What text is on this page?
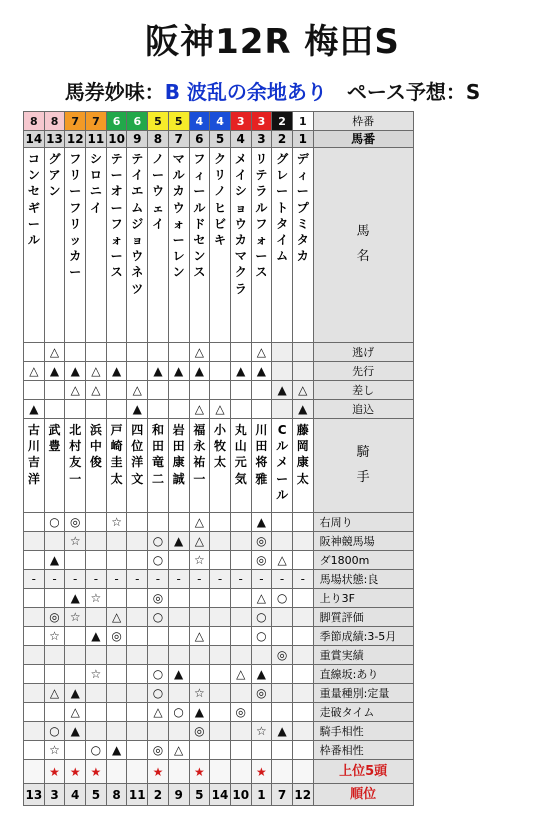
阪神12R 梅田S
馬券妙味：B 波乱の余地あり　 ペース予想：S
8	8	7	7	6	6	5	5	4	4	3	3	2	1	枠番
14	13	12	11	10	9	8	7	6	5	4	3	2	1	馬番
コンセギール	グアン	フリーフリッカー	シロニイ	テーオーフォース	テイエムジョウネツ	ノーウェイ	マルカウォーレン	フィールドセンス	クリノヒビキ	メイショウカマクラ	リテラルフォース	グレートタイム	ディープミタカ	馬名
	△							△			△			逃げ
△	▲	▲	△	▲		▲	▲	▲		▲	▲			先行
		△	△		△							▲	△	差し
▲					▲			△	△				▲	追込
古川吉洋	武豊	北村友一	浜中俊	戸崎圭太	四位洋文	和田竜二	岩田康誠	福永祐一	小牧太	丸山元気	川田将雅	Cルメール	藤岡康太	騎手
	○	◎		☆				△			▲			右周り
		☆				○	▲	△			◎			阪神競馬場
	▲					○		☆			◎	△		ダ1800m
-	-	-	-	-	-	-	-	-	-	-	-	-	-	馬場状態:良
		▲	☆			◎					△	○		上り3F
	◎	☆		△		○					○			脚質評価
	☆		▲	◎				△			○			季節成績:3-5月
												◎		重賞実績
			☆			○	▲			△	▲			直線坂:あり
	△	▲				○		☆			◎			重量種別:定量
		△				△	○	▲		◎				走破タイム
	○	▲						◎			☆	▲		騎手相性
	☆		○	▲		◎	△							枠番相性
	★	★	★			★		★			★			上位5頭
13	3	4	5	8	11	2	9	5	14	10	1	7	12	順位
